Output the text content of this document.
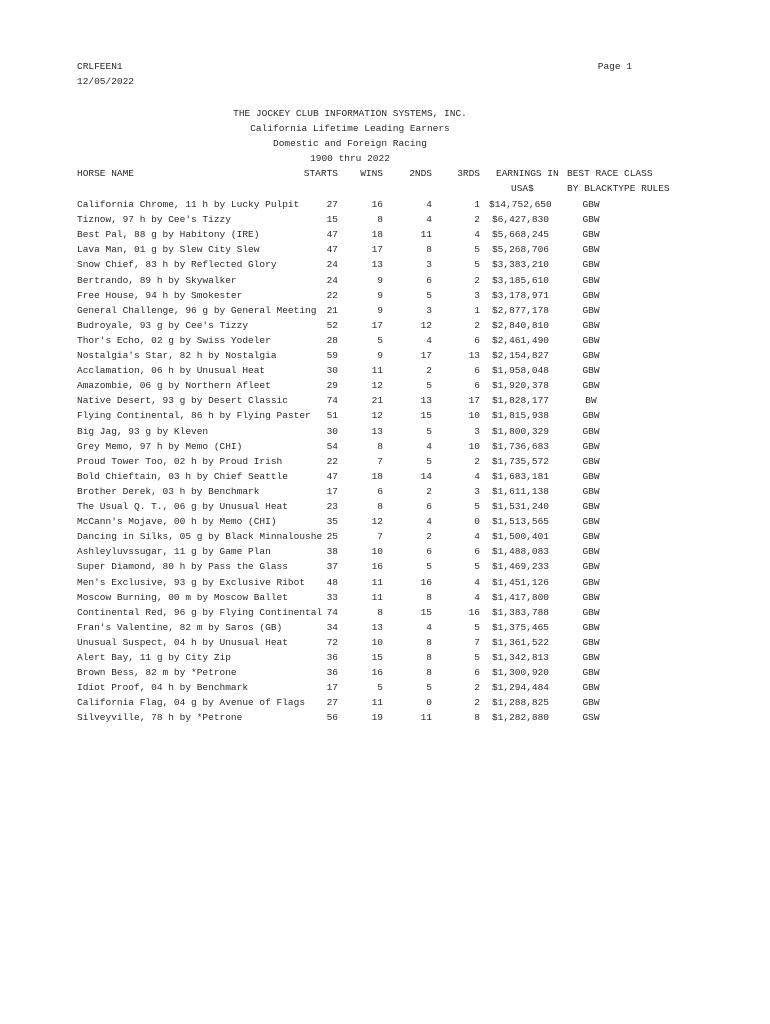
CRLFEEN1
12/05/2022
Page 1
THE JOCKEY CLUB INFORMATION SYSTEMS, INC.
California Lifetime Leading Earners
Domestic and Foreign Racing
1900 thru 2022
HORSE NAME	STARTS	WINS	2NDS	3RDS EARNINGS IN BEST RACE CLASS
USA$	BY BLACKTYPE RULES
California Chrome, 11 h by Lucky Pulpit	27	16	4	1 $14,752,650	GBW
Tiznow, 97 h by Cee's Tizzy	15	8	4	2	$6,427,830	GBW
Best Pal, 88 g by Habitony (IRE)	47	18	11	4	$5,668,245	GBW
Lava Man, 01 g by Slew City Slew	47	17	8	5	$5,268,706	GBW
Snow Chief, 83 h by Reflected Glory	24	13	3	5	$3,383,210	GBW
Bertrando, 89 h by Skywalker	24	9	6	2	$3,185,610	GBW
Free House, 94 h by Smokester	22	9	5	3	$3,178,971	GBW
General Challenge, 96 g by General Meeting	21	9	3	1	$2,877,178	GBW
Budroyale, 93 g by Cee's Tizzy	52	17	12	2	$2,840,810	GBW
Thor's Echo, 02 g by Swiss Yodeler	28	5	4	6	$2,461,490	GBW
Nostalgia's Star, 82 h by Nostalgia	59	9	17	13	$2,154,827	GBW
Acclamation, 06 h by Unusual Heat	30	11	2	6	$1,958,048	GBW
Amazombie, 06 g by Northern Afleet	29	12	5	6	$1,920,378	GBW
Native Desert, 93 g by Desert Classic	74	21	13	17	$1,828,177	BW
Flying Continental, 86 h by Flying Paster	51	12	15	10	$1,815,938	GBW
Big Jag, 93 g by Kleven	30	13	5	3	$1,800,329	GBW
Grey Memo, 97 h by Memo (CHI)	54	8	4	10	$1,736,683	GBW
Proud Tower Too, 02 h by Proud Irish	22	7	5	2	$1,735,572	GBW
Bold Chieftain, 03 h by Chief Seattle	47	18	14	4	$1,683,181	GBW
Brother Derek, 03 h by Benchmark	17	6	2	3	$1,611,138	GBW
The Usual Q. T., 06 g by Unusual Heat	23	8	6	5	$1,531,240	GBW
McCann's Mojave, 00 h by Memo (CHI)	35	12	4	0	$1,513,565	GBW
Dancing in Silks, 05 g by Black Minnaloushe 25	7	2	4	$1,500,401	GBW
Ashleyluvssugar, 11 g by Game Plan	38	10	6	6	$1,488,083	GBW
Super Diamond, 80 h by Pass the Glass	37	16	5	5	$1,469,233	GBW
Men's Exclusive, 93 g by Exclusive Ribot	48	11	16	4	$1,451,126	GBW
Moscow Burning, 00 m by Moscow Ballet	33	11	8	4	$1,417,800	GBW
Continental Red, 96 g by Flying Continental 74	8	15	16	$1,383,788	GBW
Fran's Valentine, 82 m by Saros (GB)	34	13	4	5	$1,375,465	GBW
Unusual Suspect, 04 h by Unusual Heat	72	10	8	7	$1,361,522	GBW
Alert Bay, 11 g by City Zip	36	15	8	5	$1,342,813	GBW
Brown Bess, 82 m by *Petrone	36	16	8	6	$1,300,920	GBW
Idiot Proof, 04 h by Benchmark	17	5	5	2	$1,294,484	GBW
California Flag, 04 g by Avenue of Flags	27	11	0	2	$1,288,825	GBW
Silveyville, 78 h by *Petrone	56	19	11	8	$1,282,880	GSW
